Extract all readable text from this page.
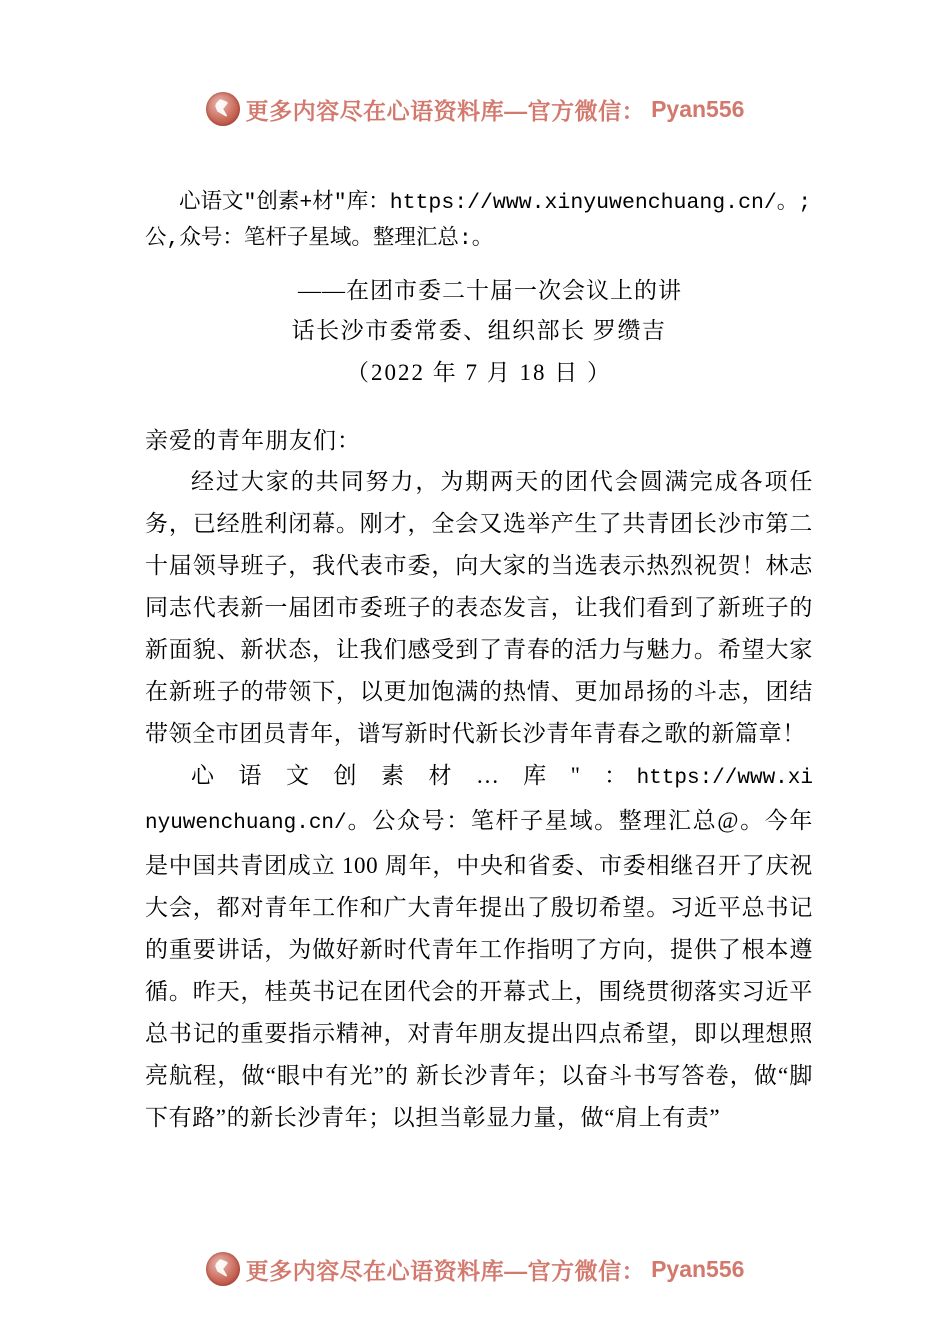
更多内容尽在心语资料库—官方微信： Pyan556
心语文"创素+材"库：https://www.xinyuwenchuang.cn/。;公,众号：笔杆子星域。整理汇总:。
——在团市委二十届一次会议上的讲
话长沙市委常委、组织部长 罗缵吉
（2022 年 7 月 18 日 ）
亲爱的青年朋友们：
经过大家的共同努力，为期两天的团代会圆满完成各项任务，已经胜利闭幕。刚才，全会又选举产生了共青团长沙市第二十届领导班子，我代表市委，向大家的当选表示热烈祝贺！林志同志代表新一届团市委班子的表态发言，让我们看到了新班子的新面貌、新状态，让我们感受到了青春的活力与魅力。希望大家在新班子的带领下，以更加饱满的热情、更加昂扬的斗志，团结带领全市团员青年，谱写新时代新长沙青年青春之歌的新篇章！
心 语 文 创 素 材 … 库 " ：https://www.xinyuwenchuang.cn/。公众号：笔杆子星域。整理汇总@。今年是中国共青团成立 100 周年，中央和省委、市委相继召开了庆祝大会，都对青年工作和广大青年提出了殷切希望。习近平总书记的重要讲话，为做好新时代青年工作指明了方向，提供了根本遵循。昨天，桂英书记在团代会的开幕式上，围绕贯彻落实习近平总书记的重要指示精神，对青年朋友提出四点希望，即以理想照亮航程，做“眼中有光”的 新长沙青年；以奋斗书写答卷，做“脚下有路”的新长沙青年；以担当彰显力量，做“肩上有责”
更多内容尽在心语资料库—官方微信： Pyan556
